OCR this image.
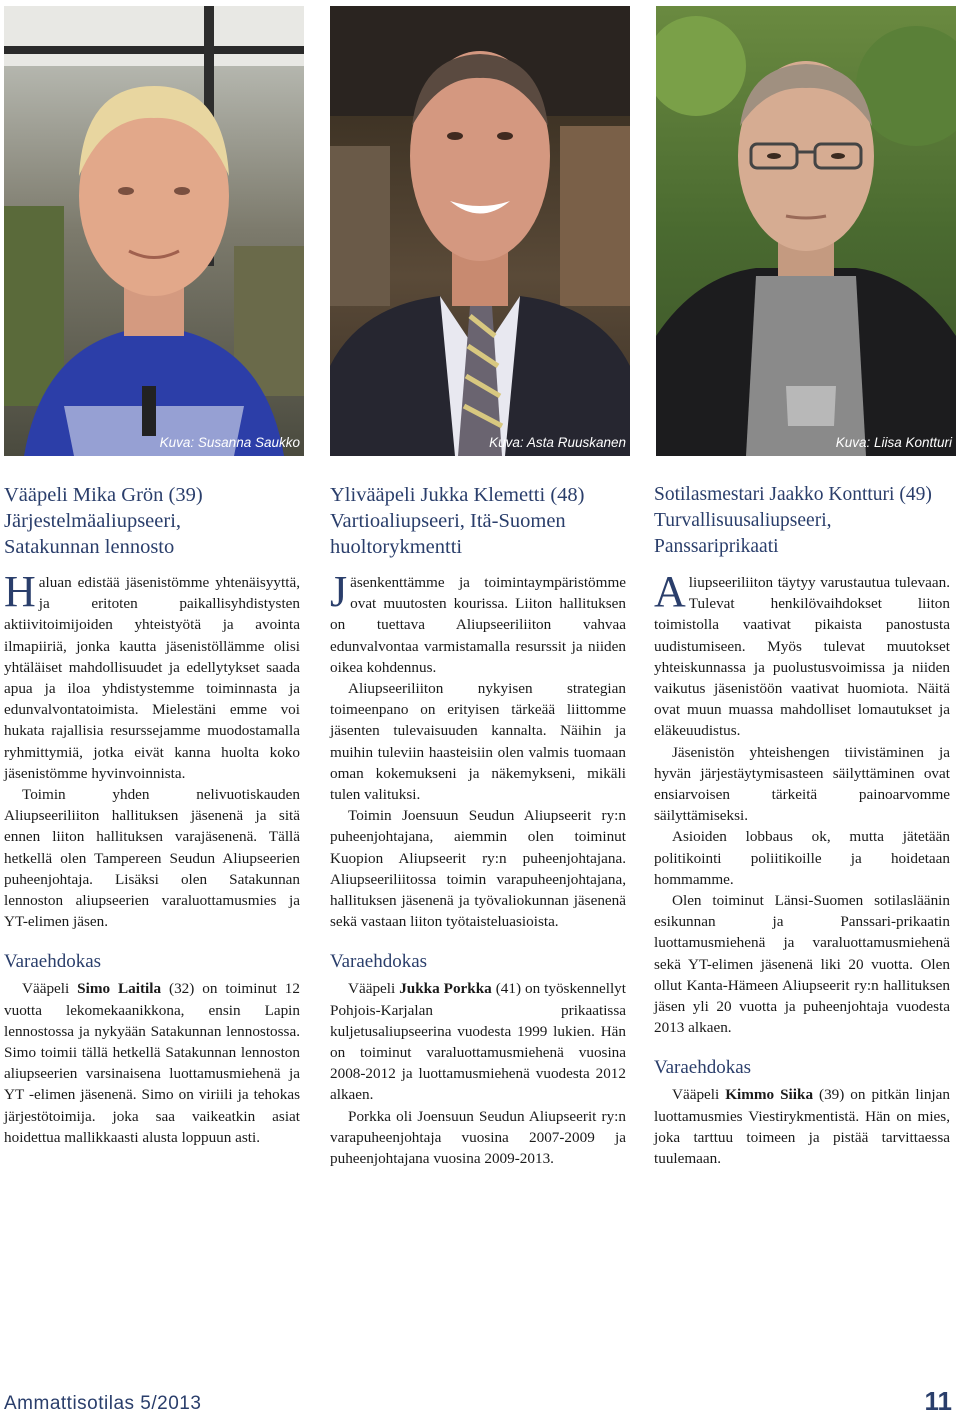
Kuva: Susanna Saukko	Kuva: Asta Ruuskanen	Kuva: Liisa Kontturi
Vääpeli Mika Grön (39)
Järjestelmäaliupseeri,
Satakunnan lennosto

Haluan edistää jäsenistömme yhtenäisyyttä, ja eritoten paikallisyhdistysten aktiivitoimijoiden yhteistyötä ja avointa ilmapiiriä, jonka kautta jäsenistöllämme olisi yhtäläiset mahdollisuudet ja edellytykset saada apua ja iloa yhdistystemme toiminnasta ja edunvalvontatoimista. Mielestäni emme voi hukata rajallisia resurssejamme muodostamalla ryhmittymiä, jotka eivät kanna huolta koko jäsenistömme hyvinvoinnista.

Toimin yhden nelivuotiskauden Aliupseeriliiton hallituksen jäsenenä ja sitä ennen liiton hallituksen varajäsenenä. Tällä hetkellä olen Tampereen Seudun Aliupseerien puheenjohtaja. Lisäksi olen Satakunnan lennoston aliupseerien varaluottamusmies ja YT-elimen jäsen.

Varaehdokas

Vääpeli Simo Laitila (32) on toiminut 12 vuotta lekomekaanikkona, ensin Lapin lennostossa ja nykyään Satakunnan lennostossa. Simo toimii tällä hetkellä Satakunnan lennoston aliupseerien varsinaisena luottamusmiehenä ja YT -elimen jäsenenä. Simo on viriili ja tehokas järjestötoimija. joka saa vaikeatkin asiat hoidettua mallikkaasti alusta loppuun asti.

Ylivääpeli Jukka Klemetti (48)
Vartioaliupseeri, Itä-Suomen
huoltorykmentti

Jäsenkenttämme ja toimintaympäristömme ovat muutosten kourissa. Liiton hallituksen on tuettava Aliupseeriliiton vahvaa edunvalvontaa varmistamalla resurssit ja niiden oikea kohdennus.

Aliupseeriliiton nykyisen strategian toimeenpano on erityisen tärkeää liittomme jäsenten tulevaisuuden kannalta. Näihin ja muihin tuleviin haasteisiin olen valmis tuomaan oman kokemukseni ja näkemykseni, mikäli tulen valituksi.

Toimin Joensuun Seudun Aliupseerit ry:n puheenjohtajana, aiemmin olen toiminut Kuopion Aliupseerit ry:n puheenjohtajana. Aliupseeriliitossa toimin varapuheenjohtajana, hallituksen jäsenenä ja työvaliokunnan jäsenenä sekä vastaan liiton työtaisteluasioista.

Varaehdokas

Vääpeli Jukka Porkka (41) on työskennellyt Pohjois-Karjalan prikaatissa kuljetusaliupseerina vuodesta 1999 lukien. Hän on toiminut varaluottamusmiehenä vuosina 2008-2012 ja luottamusmiehenä vuodesta 2012 alkaen.

Porkka oli Joensuun Seudun Aliupseerit ry:n varapuheenjohtaja vuosina 2007-2009 ja puheenjohtajana vuosina 2009-2013.

Sotilasmestari Jaakko Kontturi (49)
Turvallisuusaliupseeri,
Panssariprikaati

Aliupseeriliiton täytyy varustautua tulevaan. Tulevat henkilövaihdokset liiton toimistolla vaativat pikaista panostusta uudistumiseen. Myös tulevat muutokset yhteiskunnassa ja puolustusvoimissa ja niiden vaikutus jäsenistöön vaativat huomiota. Näitä ovat muun muassa mahdolliset lomautukset ja eläkeuudistus.

Jäsenistön yhteishengen tiivistäminen ja hyvän järjestäytymisasteen säilyttäminen ovat ensiarvoisen tärkeitä painoarvomme säilyttämiseksi.

Asioiden lobbaus ok, mutta jätetään politikointi poliitikoille ja hoidetaan hommamme.

Olen toiminut Länsi-Suomen sotilasläänin esikunnan ja Panssari-prikaatin luottamusmiehenä ja varaluottamusmiehenä sekä YT-elimen jäsenenä liki 20 vuotta. Olen ollut Kanta-Hämeen Aliupseerit ry:n hallituksen jäsen yli 20 vuotta ja puheenjohtaja vuodesta 2013 alkaen.

Varaehdokas

Vääpeli Kimmo Siika (39) on pitkän linjan luottamusmies Viestirykmentistä. Hän on mies, joka tarttuu toimeen ja pistää tarvittaessa tuulemaan.

Ammattisotilas 5/2013	11
